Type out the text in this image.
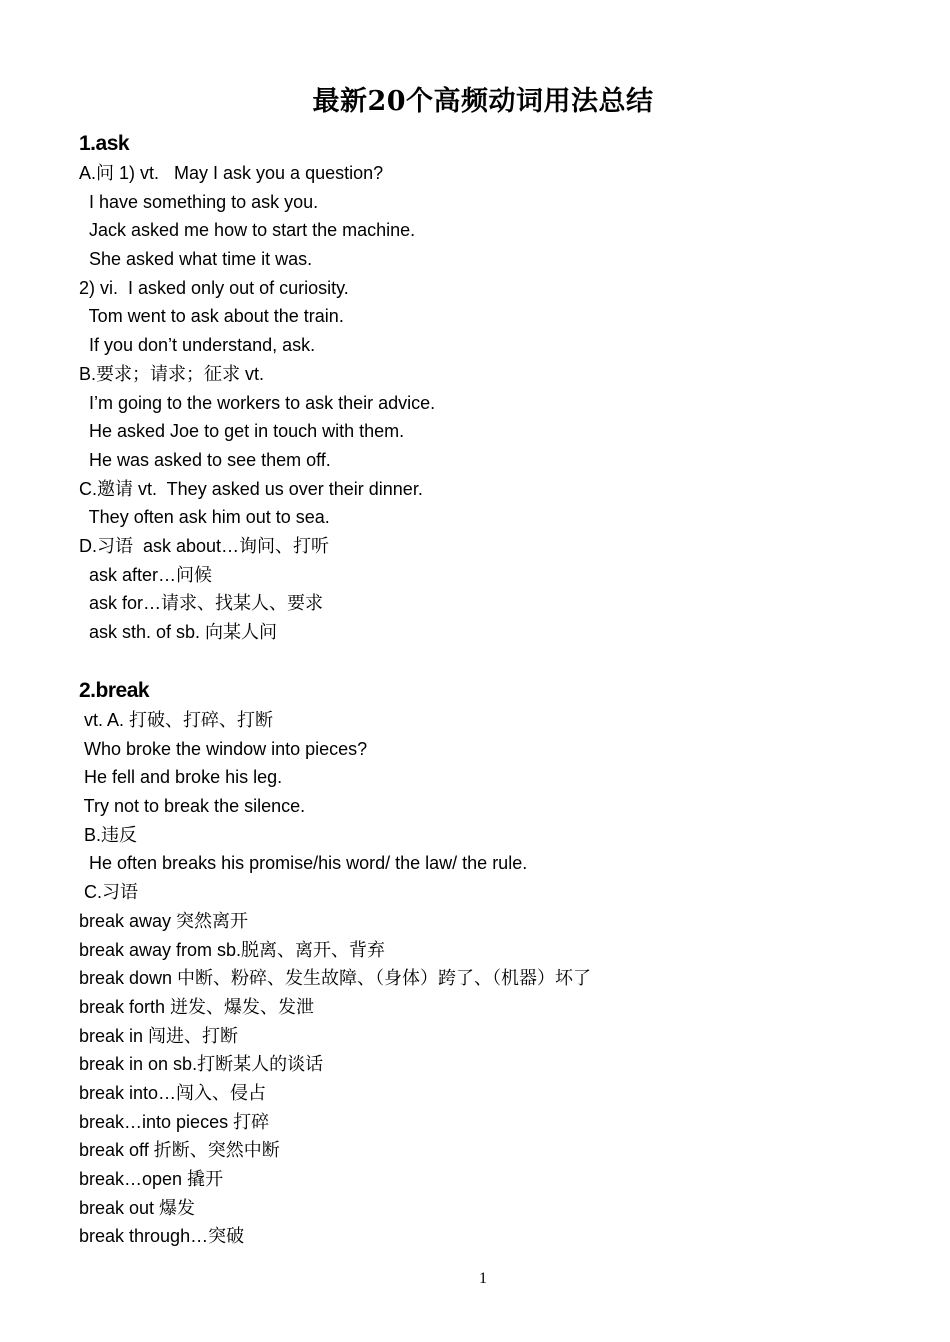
最新20个高频动词用法总结
1.ask
A.问 1) vt.   May I ask you a question?
I have something to ask you.
Jack asked me how to start the machine.
She asked what time it was.
2) vi.  I asked only out of curiosity.
Tom went to ask about the train.
If you don’t understand, ask.
B.要求；请求；征求 vt.
I’m going to the workers to ask their advice.
He asked Joe to get in touch with them.
He was asked to see them off.
C.邀请 vt.  They asked us over their dinner.
They often ask him out to sea.
D.习语  ask about…询问、打听
ask after…问候
ask for…请求、找某人、要求
ask sth. of sb. 向某人问
2.break
vt. A. 打破、打碎、打断
Who broke the window into pieces?
He fell and broke his leg.
Try not to break the silence.
B.违反
He often breaks his promise/his word/ the law/ the rule.
C.习语
break away 突然离开
break away from sb.脱离、离开、背弃
break down 中断、粉碎、发生故障、（身体）跨了、（机器）坏了
break forth 迸发、爆发、发泄
break in 闯进、打断
break in on sb.打断某人的谈话
break into…闯入、侵占
break…into pieces 打碎
break off 折断、突然中断
break…open 撬开
break out 爆发
break through…突破
1
